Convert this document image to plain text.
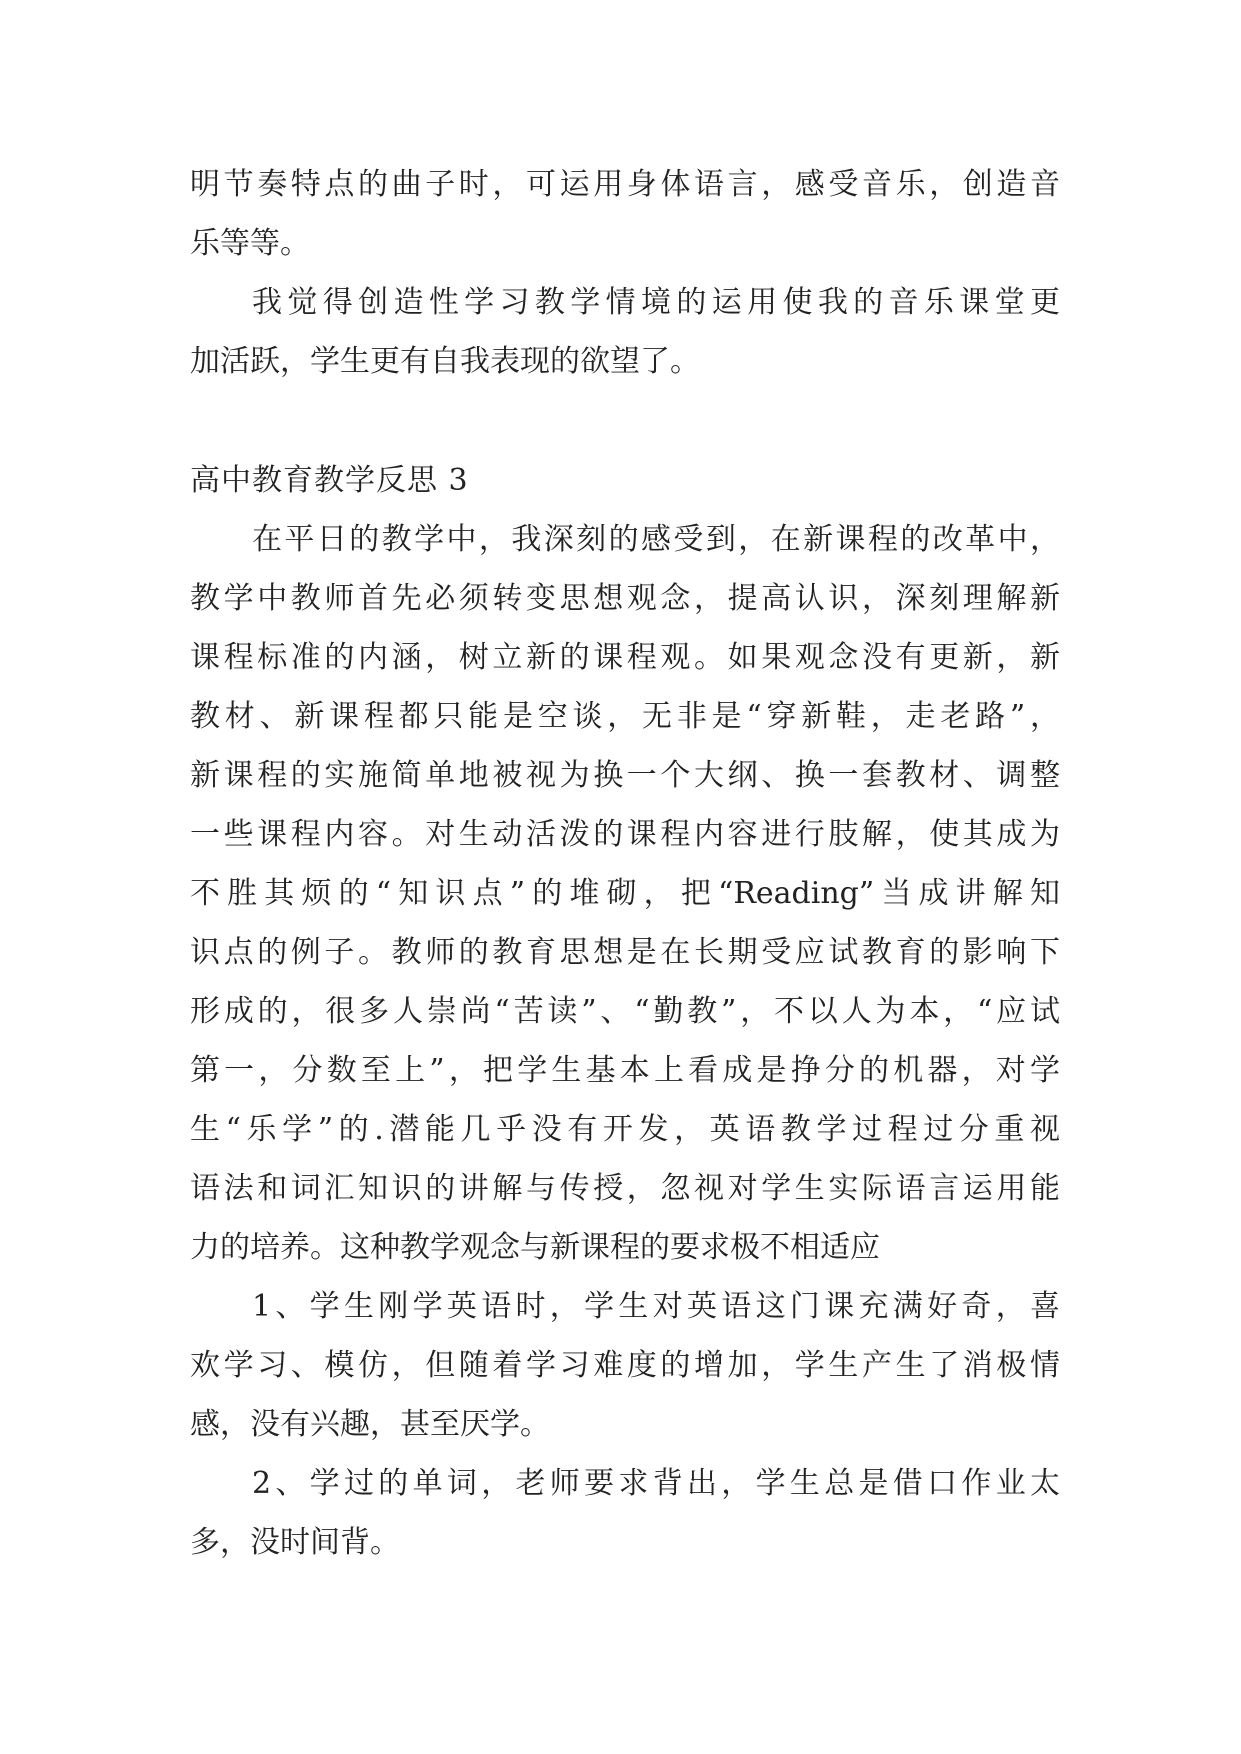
明节奏特点的曲子时，可运用身体语言，感受音乐，创造音
乐等等。
我觉得创造性学习教学情境的运用使我的音乐课堂更
加活跃，学生更有自我表现的欲望了。
高中教育教学反思 3
在平日的教学中，我深刻的感受到，在新课程的改革中，
教学中教师首先必须转变思想观念，提高认识，深刻理解新
课程标准的内涵，树立新的课程观。如果观念没有更新，新
教材、新课程都只能是空谈，无非是“穿新鞋，走老路”，
新课程的实施简单地被视为换一个大纲、换一套教材、调整
一些课程内容。对生动活泼的课程内容进行肢解，使其成为
不胜其烦的“知识点”的堆砌，把“Reading”当成讲解知
识点的例子。教师的教育思想是在长期受应试教育的影响下
形成的，很多人崇尚“苦读”、“勤教”，不以人为本，“应试
第一，分数至上”，把学生基本上看成是挣分的机器，对学
生“乐学”的.潜能几乎没有开发，英语教学过程过分重视
语法和词汇知识的讲解与传授，忽视对学生实际语言运用能
力的培养。这种教学观念与新课程的要求极不相适应
1、学生刚学英语时，学生对英语这门课充满好奇，喜
欢学习、模仿，但随着学习难度的增加，学生产生了消极情
感，没有兴趣，甚至厌学。
2、学过的单词，老师要求背出，学生总是借口作业太
多，没时间背。
